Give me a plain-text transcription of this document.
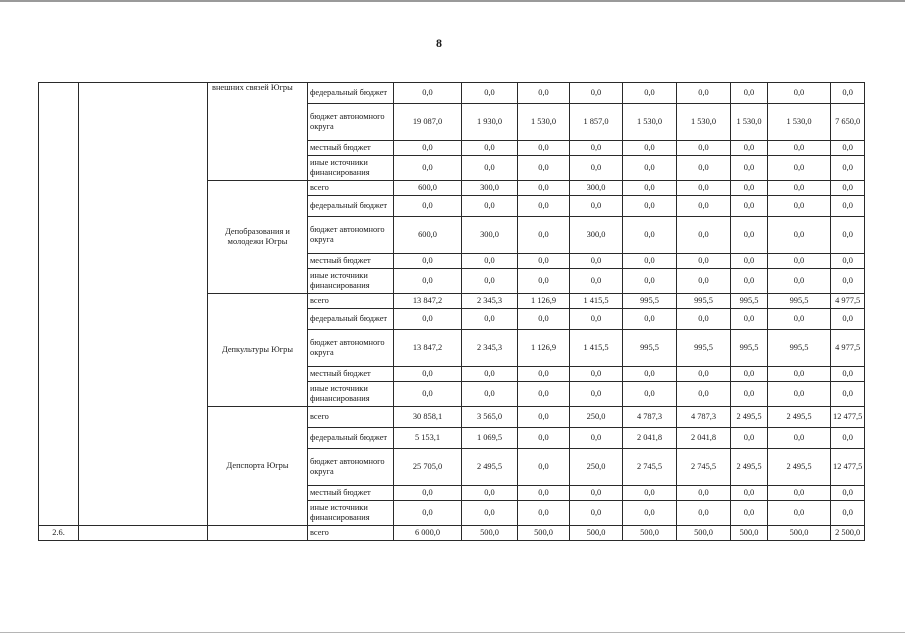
8
		внешних связей Югры	федеральный бюджет	0,0	0,0	0,0	0,0	0,0	0,0	0,0	0,0	0,0
			бюджет автономного округа	19 087,0	1 930,0	1 530,0	1 857,0	1 530,0	1 530,0	1 530,0	1 530,0	7 650,0
			местный бюджет	0,0	0,0	0,0	0,0	0,0	0,0	0,0	0,0	0,0
			иные источники финансирования	0,0	0,0	0,0	0,0	0,0	0,0	0,0	0,0	0,0
		Депобразования и молодежи Югры	всего	600,0	300,0	0,0	300,0	0,0	0,0	0,0	0,0	0,0
			федеральный бюджет	0,0	0,0	0,0	0,0	0,0	0,0	0,0	0,0	0,0
			бюджет автономного округа	600,0	300,0	0,0	300,0	0,0	0,0	0,0	0,0	0,0
			местный бюджет	0,0	0,0	0,0	0,0	0,0	0,0	0,0	0,0	0,0
			иные источники финансирования	0,0	0,0	0,0	0,0	0,0	0,0	0,0	0,0	0,0
		Депкультуры Югры	всего	13 847,2	2 345,3	1 126,9	1 415,5	995,5	995,5	995,5	995,5	4 977,5
			федеральный бюджет	0,0	0,0	0,0	0,0	0,0	0,0	0,0	0,0	0,0
			бюджет автономного округа	13 847,2	2 345,3	1 126,9	1 415,5	995,5	995,5	995,5	995,5	4 977,5
			местный бюджет	0,0	0,0	0,0	0,0	0,0	0,0	0,0	0,0	0,0
			иные источники финансирования	0,0	0,0	0,0	0,0	0,0	0,0	0,0	0,0	0,0
		Депспорта Югры	всего	30 858,1	3 565,0	0,0	250,0	4 787,3	4 787,3	2 495,5	2 495,5	12 477,5
			федеральный бюджет	5 153,1	1 069,5	0,0	0,0	2 041,8	2 041,8	0,0	0,0	0,0
			бюджет автономного округа	25 705,0	2 495,5	0,0	250,0	2 745,5	2 745,5	2 495,5	2 495,5	12 477,5
			местный бюджет	0,0	0,0	0,0	0,0	0,0	0,0	0,0	0,0	0,0
			иные источники финансирования	0,0	0,0	0,0	0,0	0,0	0,0	0,0	0,0	0,0
2.6.			всего	6 000,0	500,0	500,0	500,0	500,0	500,0	500,0	500,0	2 500,0
